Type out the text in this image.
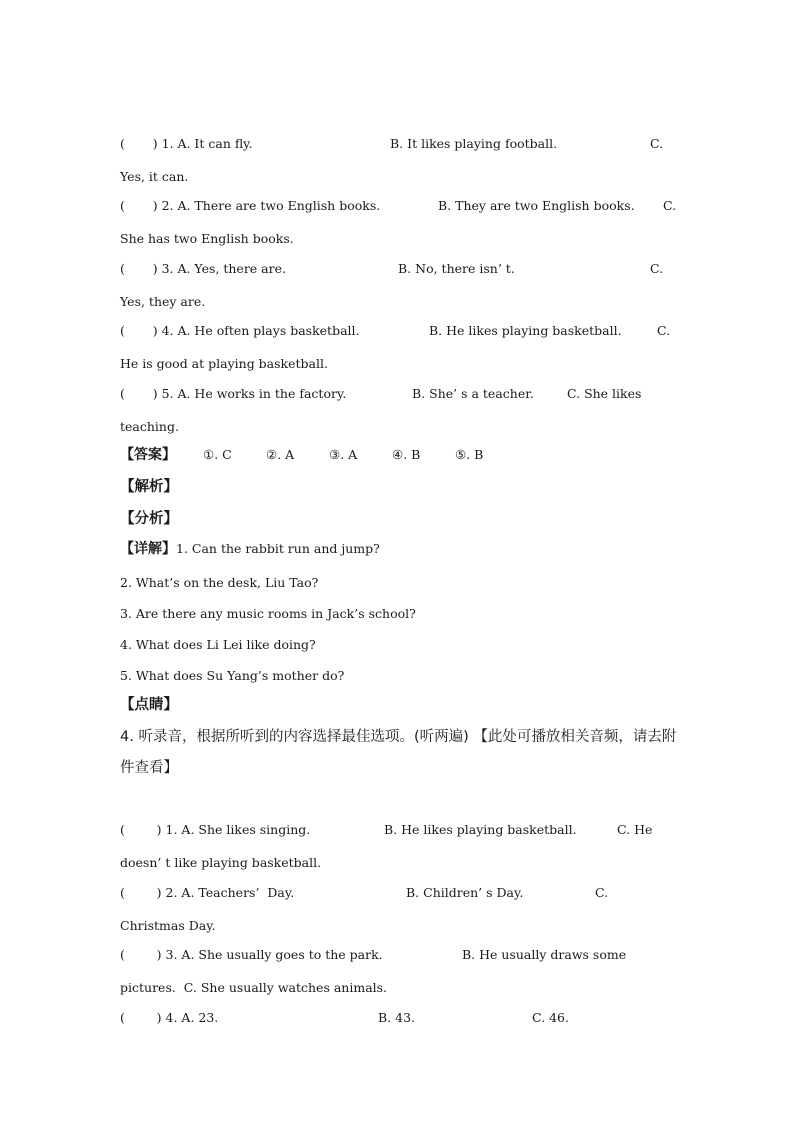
(       ) 1. A. It can fly.	B. It likes playing football.	C.
Yes, it can.
(       ) 2. A. There are two English books.	B. They are two English books. C.
She has two English books.
(       ) 3. A. Yes, there are.	B. No, there isn’ t.	C.
Yes, they are.
(       ) 4. A. He often plays basketball.	B. He likes playing basketball.	C.
He is good at playing basketball.
(       ) 5. A. He works in the factory.	B. She’ s a teacher.	C. She likes
teaching.
【答案】 ①. C	②. A	③. A	④. B	⑤. B
【解析】
【分析】
【详解】1. Can the rabbit run and jump?
2. What’s on the desk, Liu Tao?
3. Are there any music rooms in Jack’s school?
4. What does Li Lei like doing?
5. What does Su Yang’s mother do?
【点睛】
4. 听录音，根据所听到的内容选择最佳选项。(听两遍) 【此处可播放相关音频，请去附
件查看】
(        ) 1. A. She likes singing.	B. He likes playing basketball.	C. He
doesn’ t like playing basketball.
(        ) 2. A. Teachers’  Day.	B. Children’ s Day.	C.
Christmas Day.
(        ) 3. A. She usually goes to the park.	B. He usually draws some
pictures.  C. She usually watches animals.
(        ) 4. A. 23.	B. 43.	C. 46.
